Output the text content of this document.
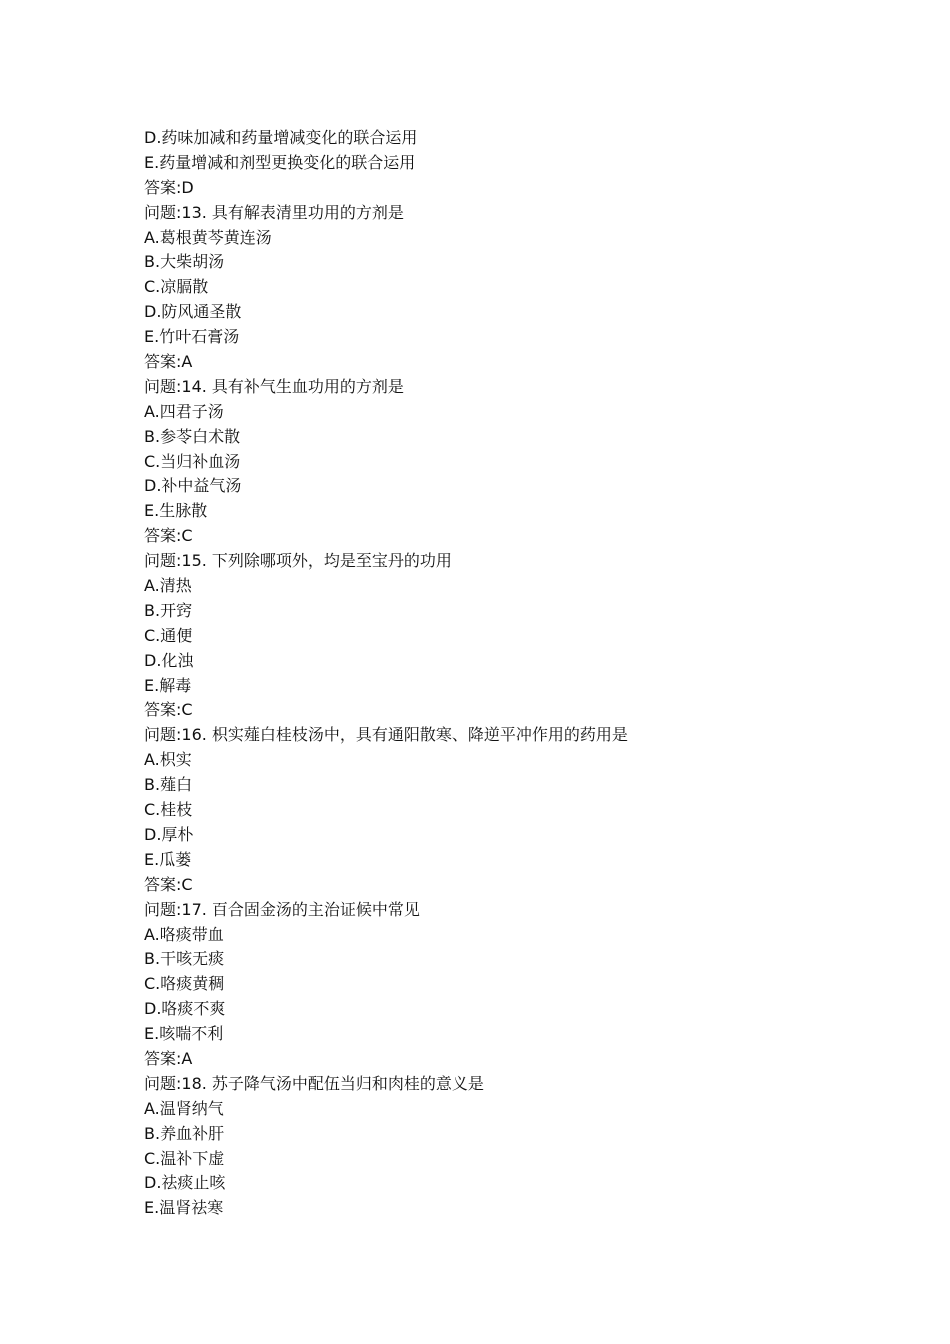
D.药味加减和药量增减变化的联合运用
E.药量增减和剂型更换变化的联合运用
答案:D
问题:13. 具有解表清里功用的方剂是
A.葛根黄芩黄连汤
B.大柴胡汤
C.凉膈散
D.防风通圣散
E.竹叶石膏汤
答案:A
问题:14. 具有补气生血功用的方剂是
A.四君子汤
B.参苓白术散
C.当归补血汤
D.补中益气汤
E.生脉散
答案:C
问题:15. 下列除哪项外，均是至宝丹的功用
A.清热
B.开窍
C.通便
D.化浊
E.解毒
答案:C
问题:16. 枳实薤白桂枝汤中，具有通阳散寒、降逆平冲作用的药用是
A.枳实
B.薤白
C.桂枝
D.厚朴
E.瓜蒌
答案:C
问题:17. 百合固金汤的主治证候中常见
A.咯痰带血
B.干咳无痰
C.咯痰黄稠
D.咯痰不爽
E.咳喘不利
答案:A
问题:18. 苏子降气汤中配伍当归和肉桂的意义是
A.温肾纳气
B.养血补肝
C.温补下虚
D.祛痰止咳
E.温肾祛寒
